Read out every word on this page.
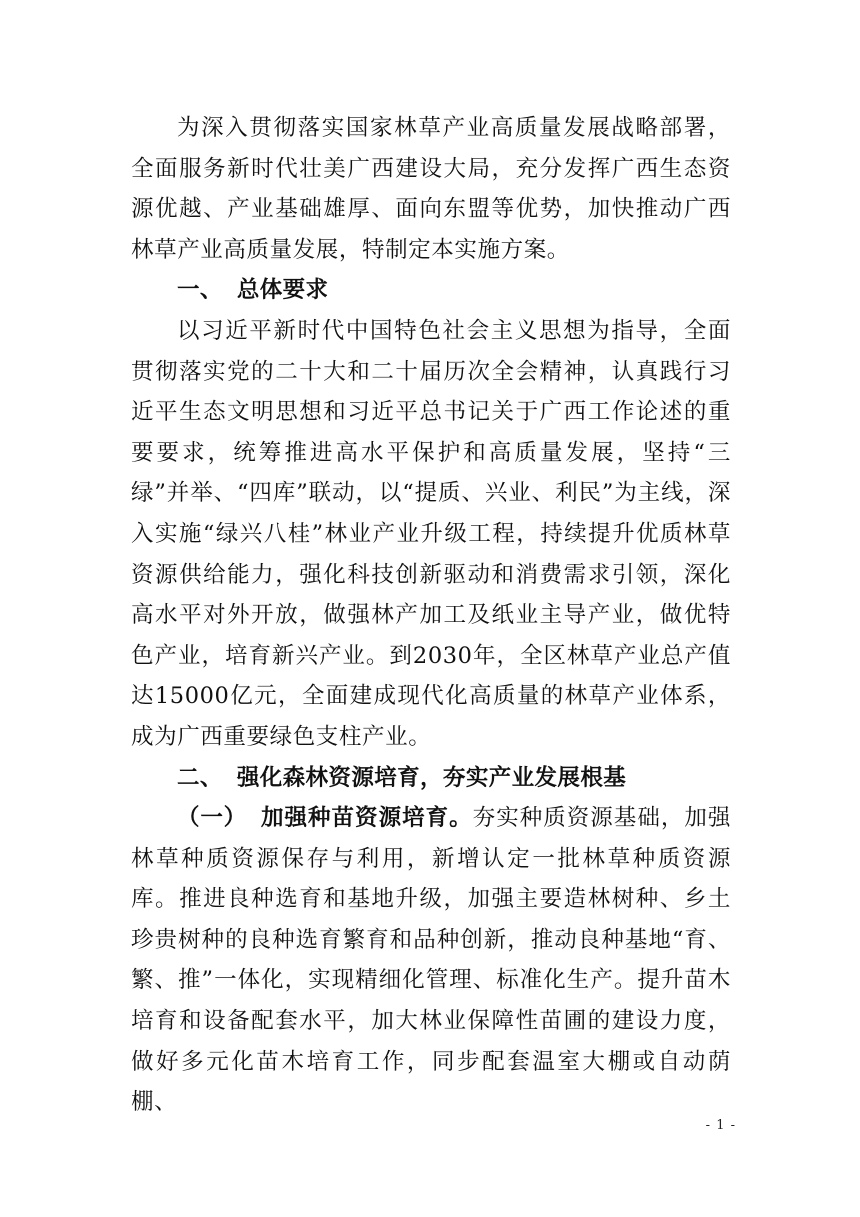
为深入贯彻落实国家林草产业高质量发展战略部署，全面服务新时代壮美广西建设大局，充分发挥广西生态资源优越、产业基础雄厚、面向东盟等优势，加快推动广西林草产业高质量发展，特制定本实施方案。

一、 总体要求

以习近平新时代中国特色社会主义思想为指导，全面贯彻落实党的二十大和二十届历次全会精神，认真践行习近平生态文明思想和习近平总书记关于广西工作论述的重要要求，统筹推进高水平保护和高质量发展，坚持“三绿”并举、“四库”联动，以“提质、兴业、利民”为主线，深入实施“绿兴八桂”林业产业升级工程，持续提升优质林草资源供给能力，强化科技创新驱动和消费需求引领，深化高水平对外开放，做强林产加工及纸业主导产业，做优特色产业，培育新兴产业。到2030年，全区林草产业总产值达15000亿元，全面建成现代化高质量的林草产业体系，成为广西重要绿色支柱产业。

二、 强化森林资源培育，夯实产业发展根基

（一） 加强种苗资源培育。夯实种质资源基础，加强林草种质资源保存与利用，新增认定一批林草种质资源库。推进良种选育和基地升级，加强主要造林树种、乡土珍贵树种的良种选育繁育和品种创新，推动良种基地“育、繁、推”一体化，实现精细化管理、标准化生产。提升苗木培育和设备配套水平，加大林业保障性苗圃的建设力度，做好多元化苗木培育工作，同步配套温室大棚或自动荫棚、

- 1 -
